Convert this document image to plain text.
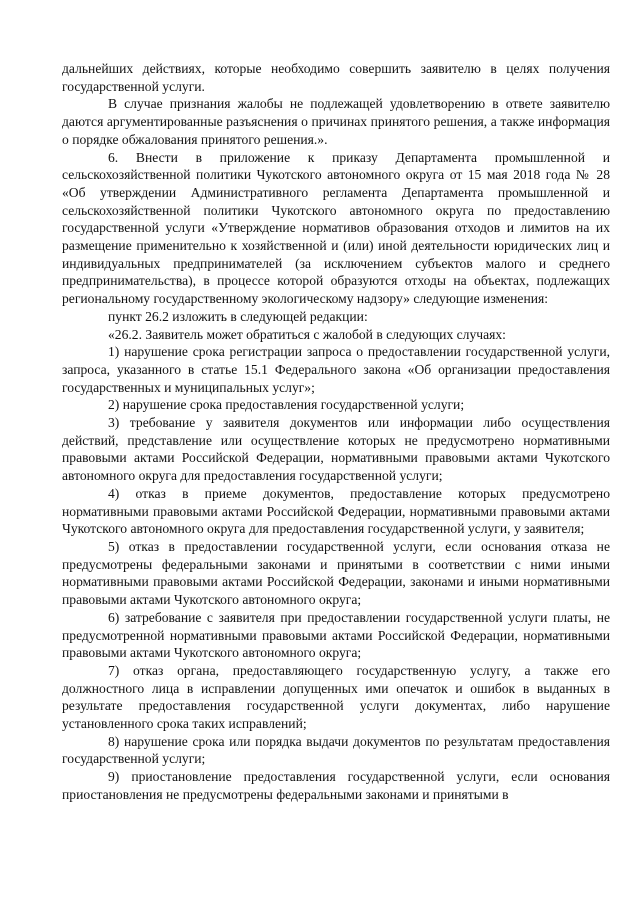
дальнейших действиях, которые необходимо совершить заявителю в целях получения государственной услуги.

В случае признания жалобы не подлежащей удовлетворению в ответе заявителю даются аргументированные разъяснения о причинах принятого решения, а также информация о порядке обжалования принятого решения.».

6. Внести в приложение к приказу Департамента промышленной и сельскохозяйственной политики Чукотского автономного округа от 15 мая 2018 года № 28 «Об утверждении Административного регламента Департамента промышленной и сельскохозяйственной политики Чукотского автономного округа по предоставлению государственной услуги «Утверждение нормативов образования отходов и лимитов на их размещение применительно к хозяйственной и (или) иной деятельности юридических лиц и индивидуальных предпринимателей (за исключением субъектов малого и среднего предпринимательства), в процессе которой образуются отходы на объектах, подлежащих региональному государственному экологическому надзору» следующие изменения:

пункт 26.2 изложить в следующей редакции:

«26.2. Заявитель может обратиться с жалобой в следующих случаях:

1) нарушение срока регистрации запроса о предоставлении государственной услуги, запроса, указанного в статье 15.1 Федерального закона «Об организации предоставления государственных и муниципальных услуг»;

2) нарушение срока предоставления государственной услуги;

3) требование у заявителя документов или информации либо осуществления действий, представление или осуществление которых не предусмотрено нормативными правовыми актами Российской Федерации, нормативными правовыми актами Чукотского автономного округа для предоставления государственной услуги;

4) отказ в приеме документов, предоставление которых предусмотрено нормативными правовыми актами Российской Федерации, нормативными правовыми актами Чукотского автономного округа для предоставления государственной услуги, у заявителя;

5) отказ в предоставлении государственной услуги, если основания отказа не предусмотрены федеральными законами и принятыми в соответствии с ними иными нормативными правовыми актами Российской Федерации, законами и иными нормативными правовыми актами Чукотского автономного округа;

6) затребование с заявителя при предоставлении государственной услуги платы, не предусмотренной нормативными правовыми актами Российской Федерации, нормативными правовыми актами Чукотского автономного округа;

7) отказ органа, предоставляющего государственную услугу, а также его должностного лица в исправлении допущенных ими опечаток и ошибок в выданных в результате предоставления государственной услуги документах, либо нарушение установленного срока таких исправлений;

8) нарушение срока или порядка выдачи документов по результатам предоставления государственной услуги;

9) приостановление предоставления государственной услуги, если основания приостановления не предусмотрены федеральными законами и принятыми в
